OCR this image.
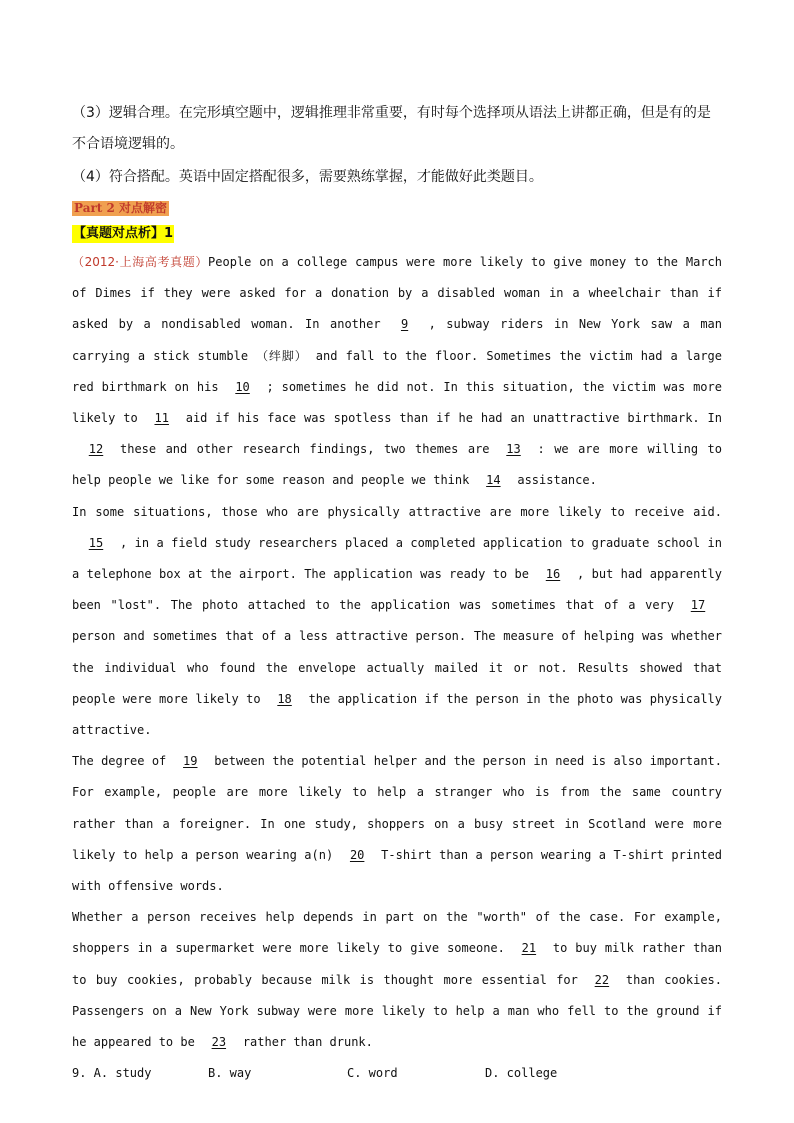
（3）逻辑合理。在完形填空题中，逻辑推理非常重要，有时每个选择项从语法上讲都正确，但是有的是不合语境逻辑的。

（4）符合搭配。英语中固定搭配很多，需要熟练掌握，才能做好此类题目。

Part 2 对点解密
【真题对点析】1

（2012·上海高考真题）People on a college campus were more likely to give money to the March of Dimes if they were asked for a donation by a disabled woman in a wheelchair than if asked by a nondisabled woman. In another 9 , subway riders in New York saw a man carrying a stick stumble （绊脚） and fall to the floor. Sometimes the victim had a large red birthmark on his 10 ; sometimes he did not. In this situation, the victim was more likely to 11 aid if his face was spotless than if he had an unattractive birthmark. In12 these and other research findings, two themes are 13 : we are more willing to help people we like for some reason and people we think 14 assistance.

In some situations, those who are physically attractive are more likely to receive aid.15 , in a field study researchers placed a completed application to graduate school in a telephone box at the airport. The application was ready to be 16 , but had apparently been "lost". The photo attached to the application was sometimes that of a very 17person and sometimes that of a less attractive person. The measure of helping was whether the individual who found the envelope actually mailed it or not. Results showed that people were more likely to 18 the application if the person in the photo was physically attractive.

The degree of 19 between the potential helper and the person in need is also important. For example, people are more likely to help a stranger who is from the same country rather than a foreigner. In one study, shoppers on a busy street in Scotland were more likely to help a person wearing a(n) 20 T-shirt than a person wearing a T-shirt printed with offensive words.

Whether a person receives help depends in part on the "worth" of the case. For example, shoppers in a supermarket were more likely to give someone. 21 to buy milk rather than to buy cookies, probably because milk is thought more essential for 22 than cookies. Passengers on a New York subway were more likely to help a man who fell to the ground if he appeared to be 23 rather than drunk.

9. A. study	B. way	C. word	D. college
